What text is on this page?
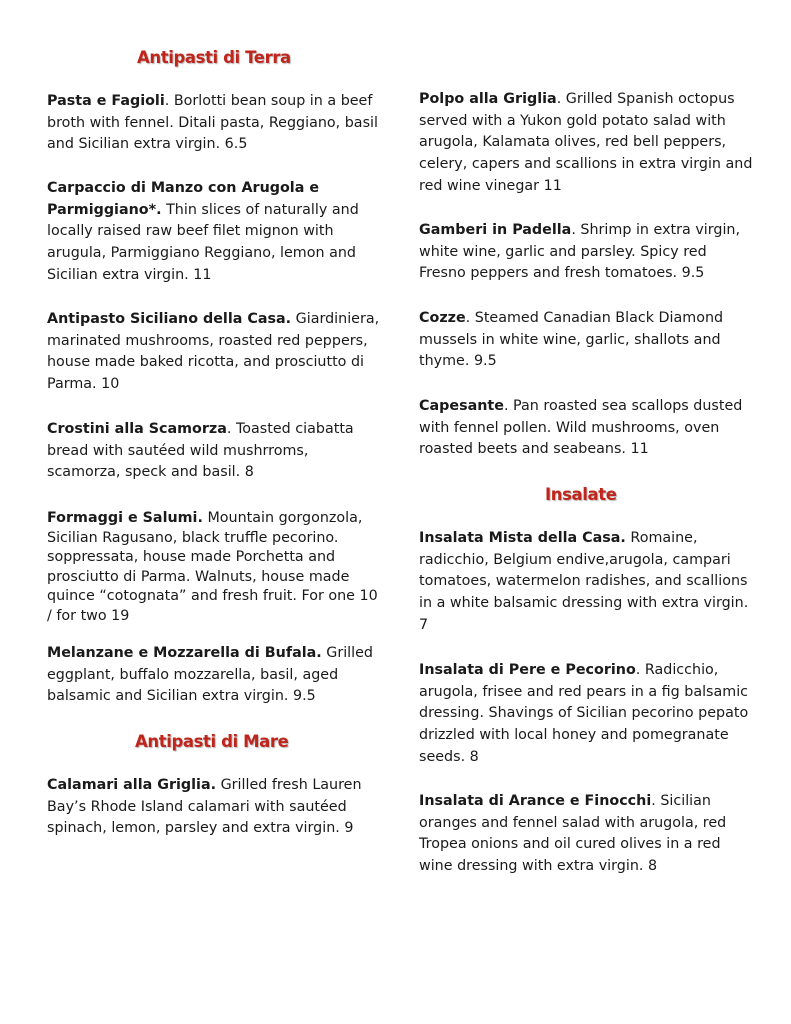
Antipasti di Terra

Pasta e Fagioli. Borlotti bean soup in a beef broth with fennel. Ditali pasta, Reggiano, basil and Sicilian extra virgin. 6.5

Carpaccio di Manzo con Arugola e Parmiggiano*. Thin slices of naturally and locally raised raw beef filet mignon with arugula, Parmiggiano Reggiano, lemon and Sicilian extra virgin. 11

Antipasto Siciliano della Casa. Giardiniera, marinated mushrooms, roasted red peppers, house made baked ricotta, and prosciutto di Parma. 10

Crostini alla Scamorza. Toasted ciabatta bread with sautéed wild mushrroms, scamorza, speck and basil. 8

Formaggi e Salumi. Mountain gorgonzola, Sicilian Ragusano, black truffle pecorino. soppressata, house made Porchetta and prosciutto di Parma. Walnuts, house made quince “cotognata” and fresh fruit. For one 10 / for two 19

Melanzane e Mozzarella di Bufala. Grilled eggplant, buffalo mozzarella, basil, aged balsamic and Sicilian extra virgin. 9.5

Antipasti di Mare

Calamari alla Griglia. Grilled fresh Lauren Bay’s Rhode Island calamari with sautéed spinach, lemon, parsley and extra virgin. 9

Polpo alla Griglia. Grilled Spanish octopus served with a Yukon gold potato salad with arugola, Kalamata olives, red bell peppers, celery, capers and scallions in extra virgin and red wine vinegar 11

Gamberi in Padella. Shrimp in extra virgin, white wine, garlic and parsley. Spicy red Fresno peppers and fresh tomatoes. 9.5

Cozze. Steamed Canadian Black Diamond mussels in white wine, garlic, shallots and thyme. 9.5

Capesante. Pan roasted sea scallops dusted with fennel pollen. Wild mushrooms, oven roasted beets and seabeans. 11

Insalate

Insalata Mista della Casa. Romaine, radicchio, Belgium endive,arugola, campari tomatoes, watermelon radishes, and scallions in a white balsamic dressing with extra virgin. 7

Insalata di Pere e Pecorino. Radicchio, arugola, frisee and red pears in a fig balsamic dressing. Shavings of Sicilian pecorino pepato drizzled with local honey and pomegranate seeds. 8

Insalata di Arance e Finocchi. Sicilian oranges and fennel salad with arugola, red Tropea onions and oil cured olives in a red wine dressing with extra virgin. 8
